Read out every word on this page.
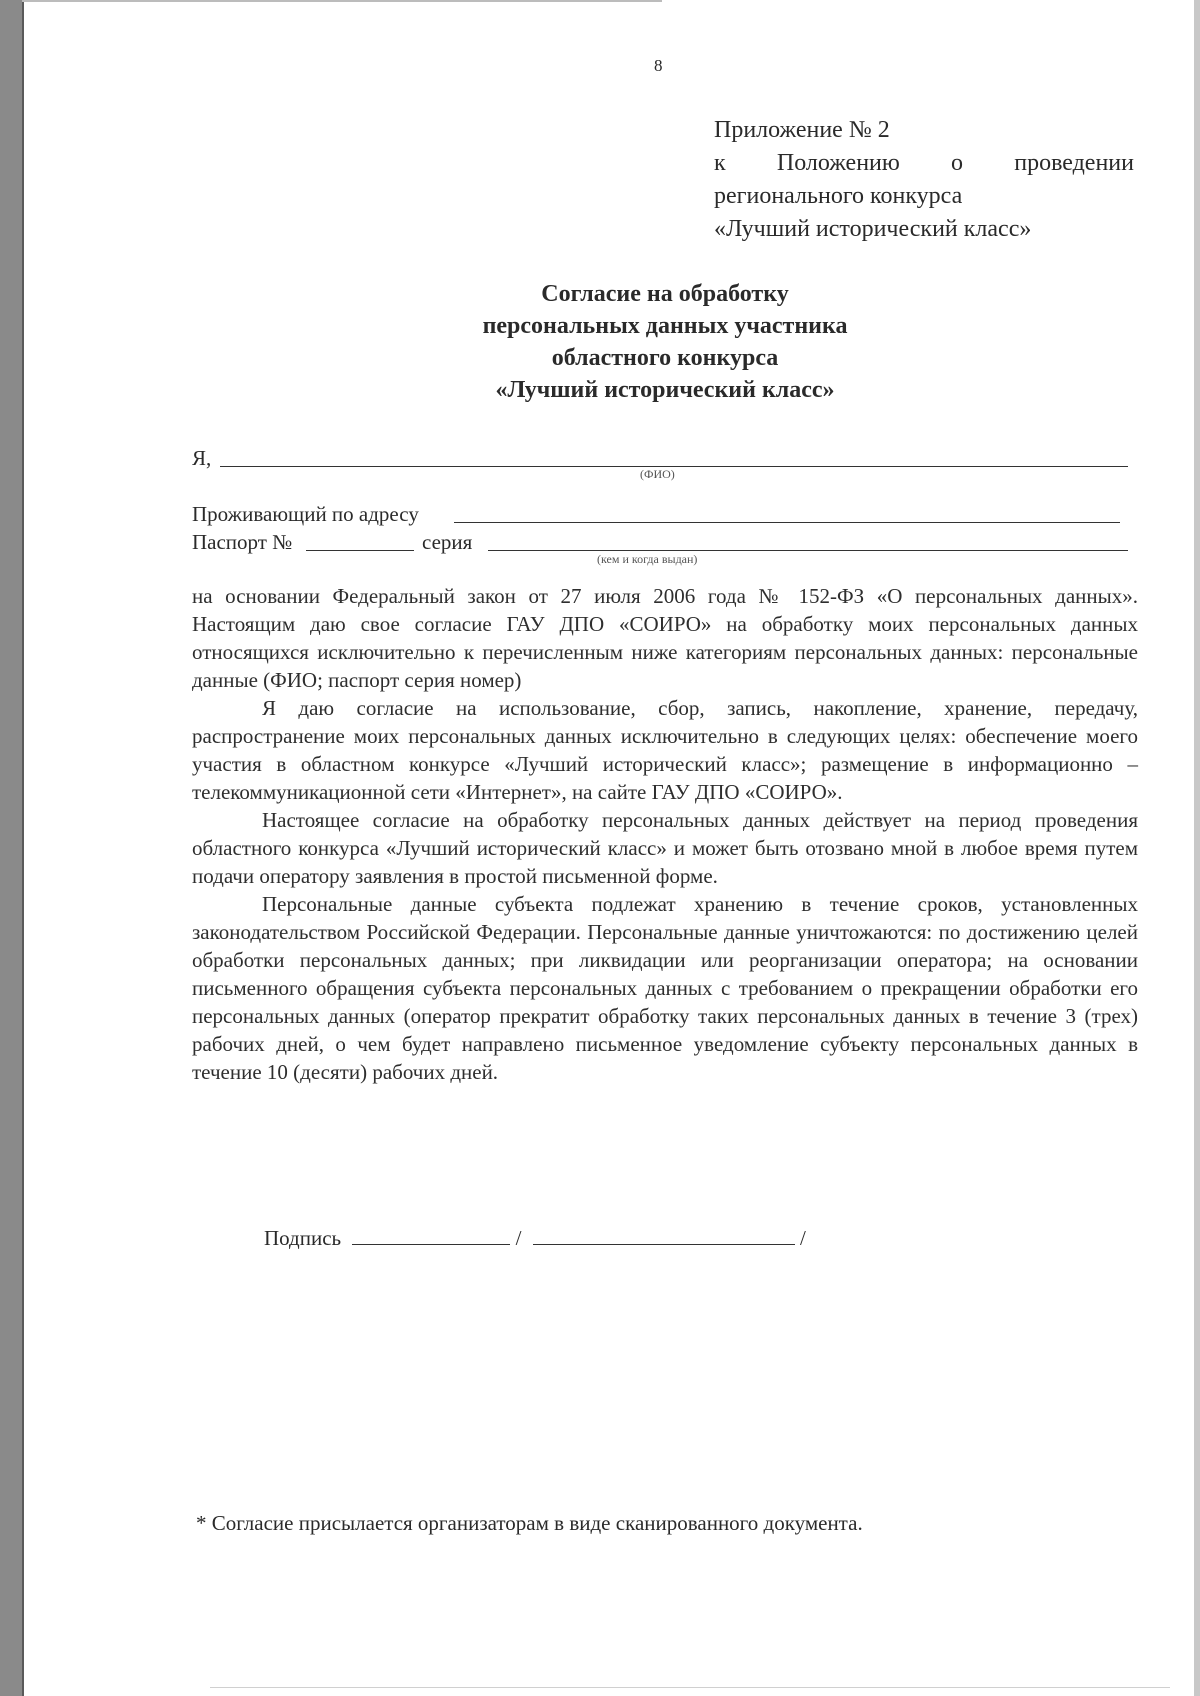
8
Приложение № 2
к Положению о проведении
регионального конкурса
«Лучший исторический класс»
Согласие на обработку
персональных данных участника
областного конкурса
«Лучший исторический класс»
Я,
(ФИО)
Проживающий по адресу
Паспорт №	серия
(кем и когда выдан)

на основании Федеральный закон от 27 июля 2006 года № 152-ФЗ «О персональных данных». Настоящим даю свое согласие ГАУ ДПО «СОИРО» на обработку моих персональных данных относящихся исключительно к перечисленным ниже категориям персональных данных: персональные данные (ФИО; паспорт серия номер)

Я даю согласие на использование, сбор, запись, накопление, хранение, передачу, распространение моих персональных данных исключительно в следующих целях: обеспечение моего участия в областном конкурсе «Лучший исторический класс»; размещение в информационно – телекоммуникационной сети «Интернет», на сайте ГАУ ДПО «СОИРО».

Настоящее согласие на обработку персональных данных действует на период проведения областного конкурса «Лучший исторический класс» и может быть отозвано мной в любое время путем подачи оператору заявления в простой письменной форме.

Персональные данные субъекта подлежат хранению в течение сроков, установленных законодательством Российской Федерации. Персональные данные уничтожаются: по достижению целей обработки персональных данных; при ликвидации или реорганизации оператора; на основании письменного обращения субъекта персональных данных с требованием о прекращении обработки его персональных данных (оператор прекратит обработку таких персональных данных в течение 3 (трех) рабочих дней, о чем будет направлено письменное уведомление субъекту персональных данных в течение 10 (десяти) рабочих дней.

Подпись	/	/
* Согласие присылается организаторам в виде сканированного документа.
